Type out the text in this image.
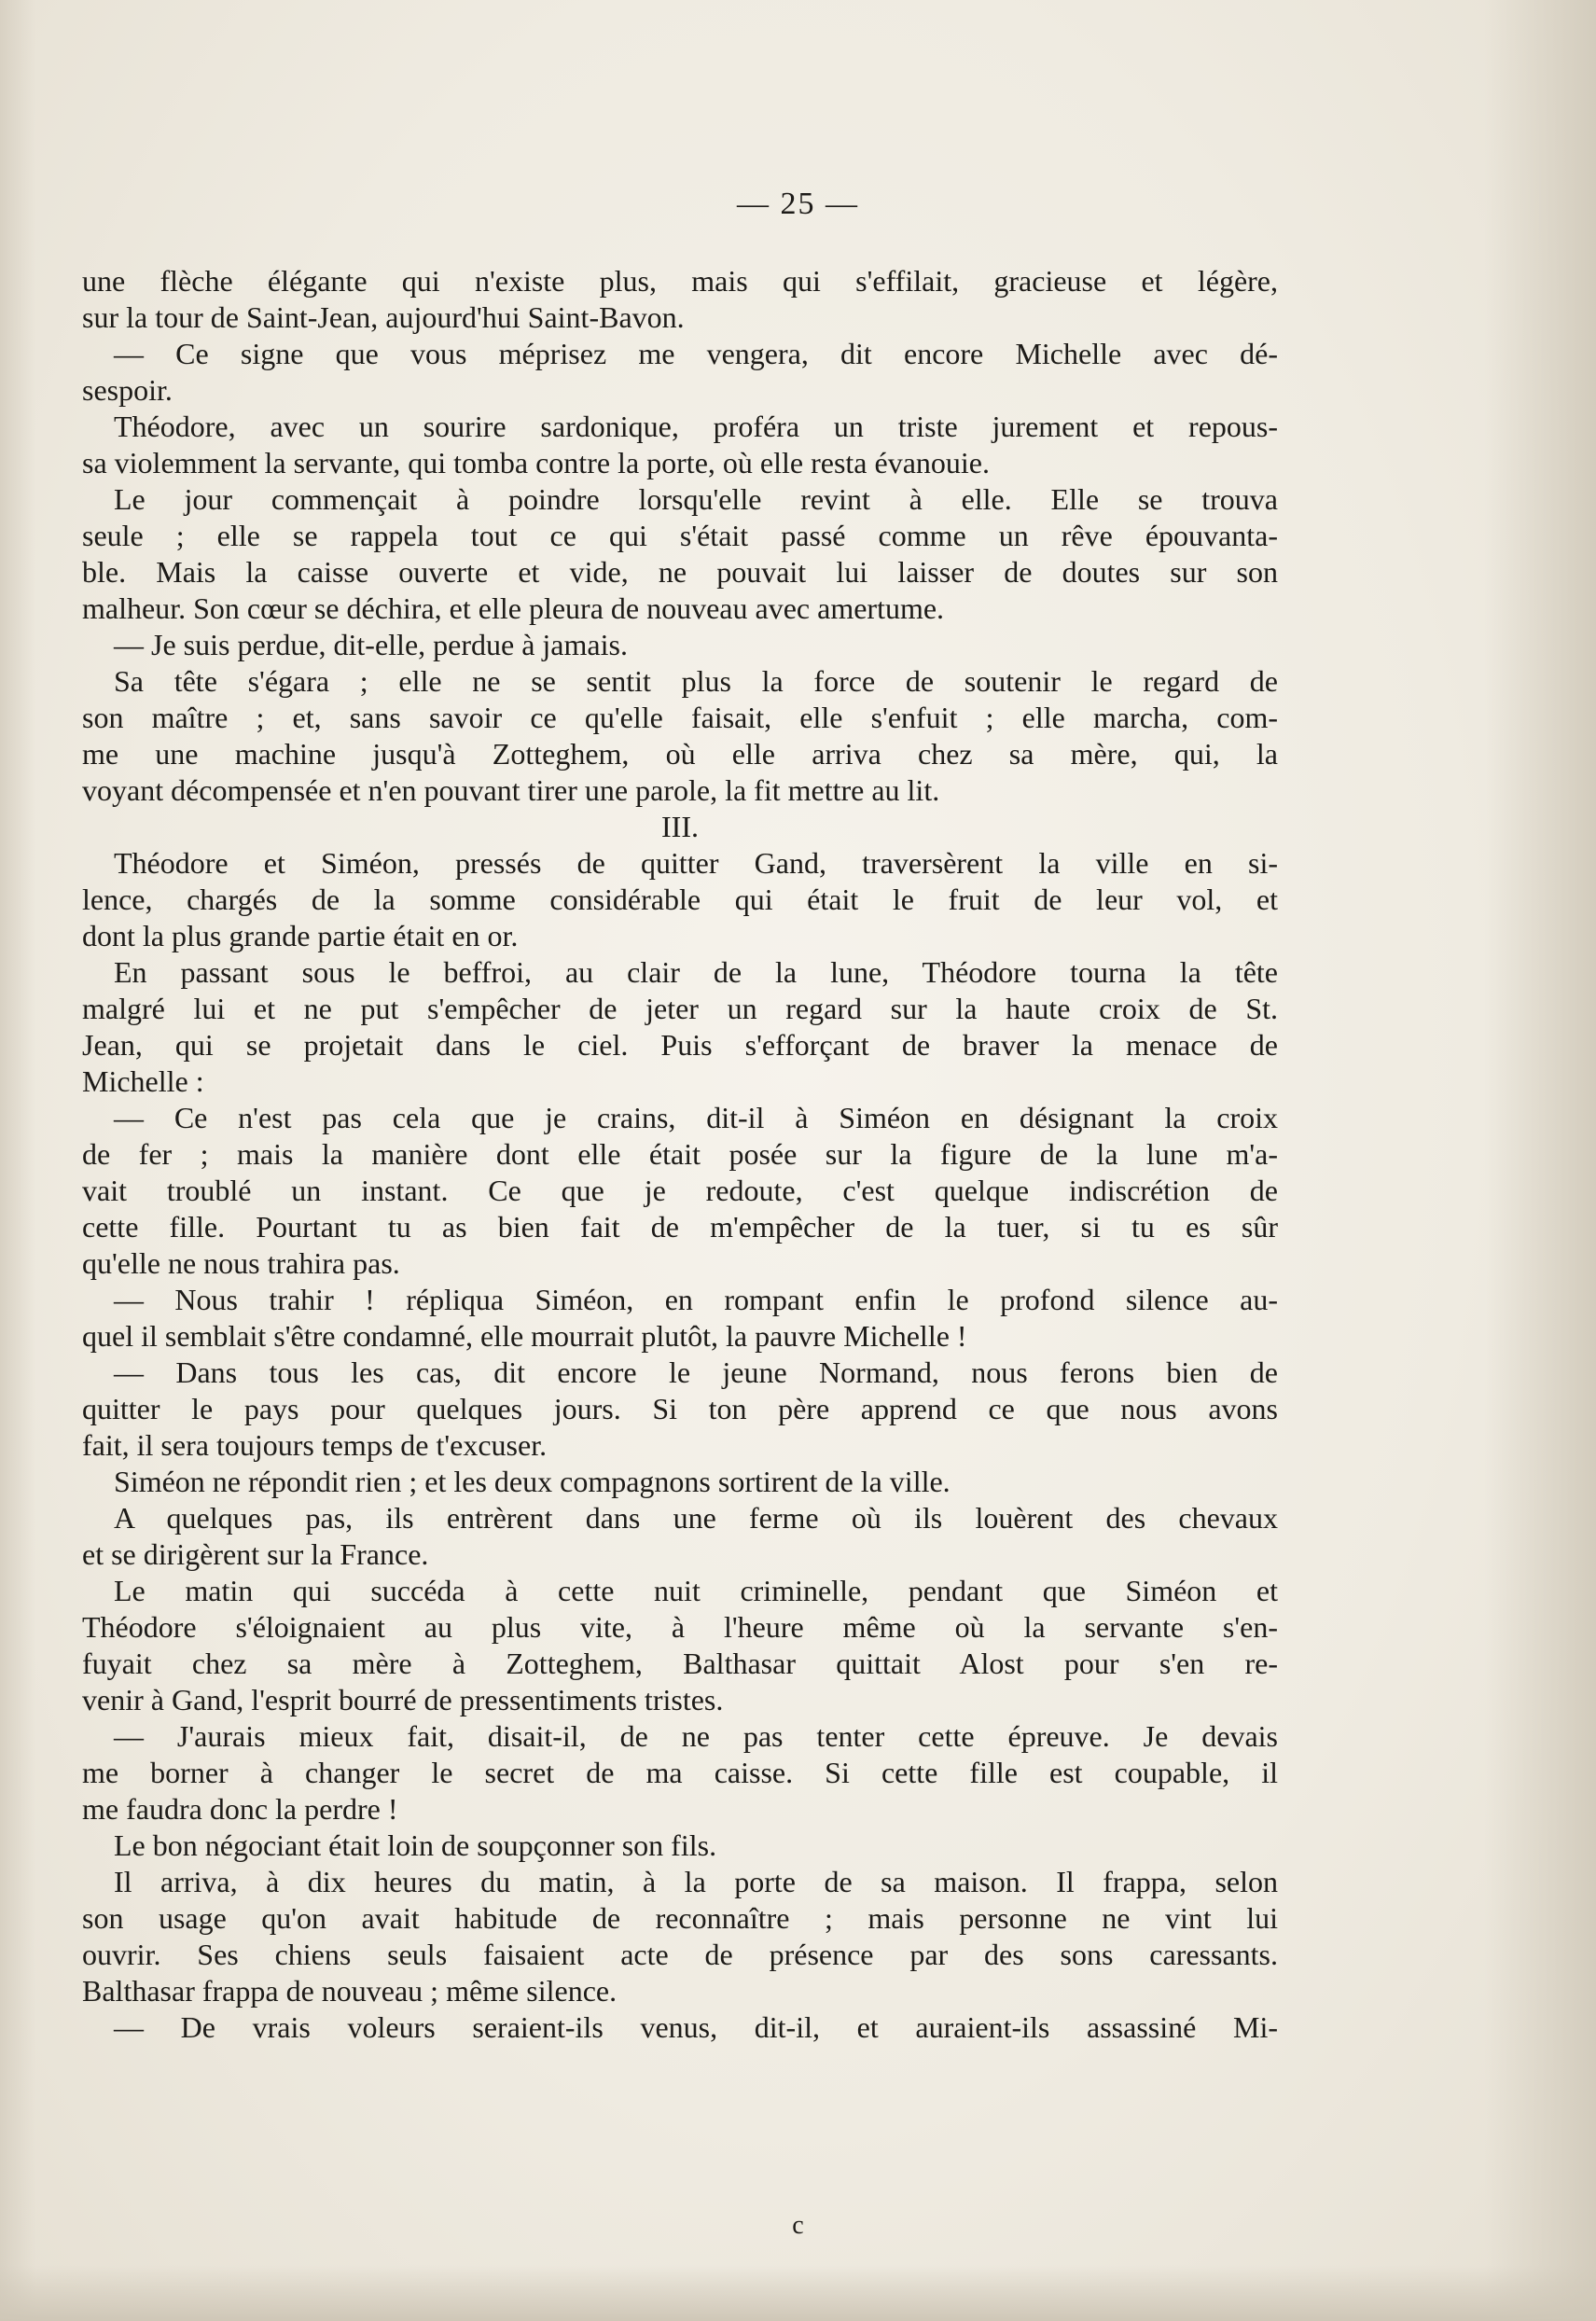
— 25 —
une flèche élégante qui n'existe plus, mais qui s'effilait, gracieuse et légère,
sur la tour de Saint-Jean, aujourd'hui Saint-Bavon.
— Ce signe que vous méprisez me vengera, dit encore Michelle avec dé-
sespoir.
Théodore, avec un sourire sardonique, proféra un triste jurement et repous-
sa violemment la servante, qui tomba contre la porte, où elle resta évanouie.
Le jour commençait à poindre lorsqu'elle revint à elle. Elle se trouva
seule ; elle se rappela tout ce qui s'était passé comme un rêve épouvanta-
ble. Mais la caisse ouverte et vide, ne pouvait lui laisser de doutes sur son
malheur. Son cœur se déchira, et elle pleura de nouveau avec amertume.
— Je suis perdue, dit-elle, perdue à jamais.
Sa tête s'égara ; elle ne se sentit plus la force de soutenir le regard de
son maître ; et, sans savoir ce qu'elle faisait, elle s'enfuit ; elle marcha, com-
me une machine jusqu'à Zotteghem, où elle arriva chez sa mère, qui, la
voyant décompensée et n'en pouvant tirer une parole, la fit mettre au lit.
III.
Théodore et Siméon, pressés de quitter Gand, traversèrent la ville en si-
lence, chargés de la somme considérable qui était le fruit de leur vol, et
dont la plus grande partie était en or.
En passant sous le beffroi, au clair de la lune, Théodore tourna la tête
malgré lui et ne put s'empêcher de jeter un regard sur la haute croix de St.
Jean, qui se projetait dans le ciel. Puis s'efforçant de braver la menace de
Michelle :
— Ce n'est pas cela que je crains, dit-il à Siméon en désignant la croix
de fer ; mais la manière dont elle était posée sur la figure de la lune m'a-
vait troublé un instant. Ce que je redoute, c'est quelque indiscrétion de
cette fille. Pourtant tu as bien fait de m'empêcher de la tuer, si tu es sûr
qu'elle ne nous trahira pas.
— Nous trahir ! répliqua Siméon, en rompant enfin le profond silence au-
quel il semblait s'être condamné, elle mourrait plutôt, la pauvre Michelle !
— Dans tous les cas, dit encore le jeune Normand, nous ferons bien de
quitter le pays pour quelques jours. Si ton père apprend ce que nous avons
fait, il sera toujours temps de t'excuser.
Siméon ne répondit rien ; et les deux compagnons sortirent de la ville.
A quelques pas, ils entrèrent dans une ferme où ils louèrent des chevaux
et se dirigèrent sur la France.
Le matin qui succéda à cette nuit criminelle, pendant que Siméon et
Théodore s'éloignaient au plus vite, à l'heure même où la servante s'en-
fuyait chez sa mère à Zotteghem, Balthasar quittait Alost pour s'en re-
venir à Gand, l'esprit bourré de pressentiments tristes.
— J'aurais mieux fait, disait-il, de ne pas tenter cette épreuve. Je devais
me borner à changer le secret de ma caisse. Si cette fille est coupable, il
me faudra donc la perdre !
Le bon négociant était loin de soupçonner son fils.
Il arriva, à dix heures du matin, à la porte de sa maison. Il frappa, selon
son usage qu'on avait habitude de reconnaître ; mais personne ne vint lui
ouvrir. Ses chiens seuls faisaient acte de présence par des sons caressants.
Balthasar frappa de nouveau ; même silence.
— De vrais voleurs seraient-ils venus, dit-il, et auraient-ils assassiné Mi-
c
